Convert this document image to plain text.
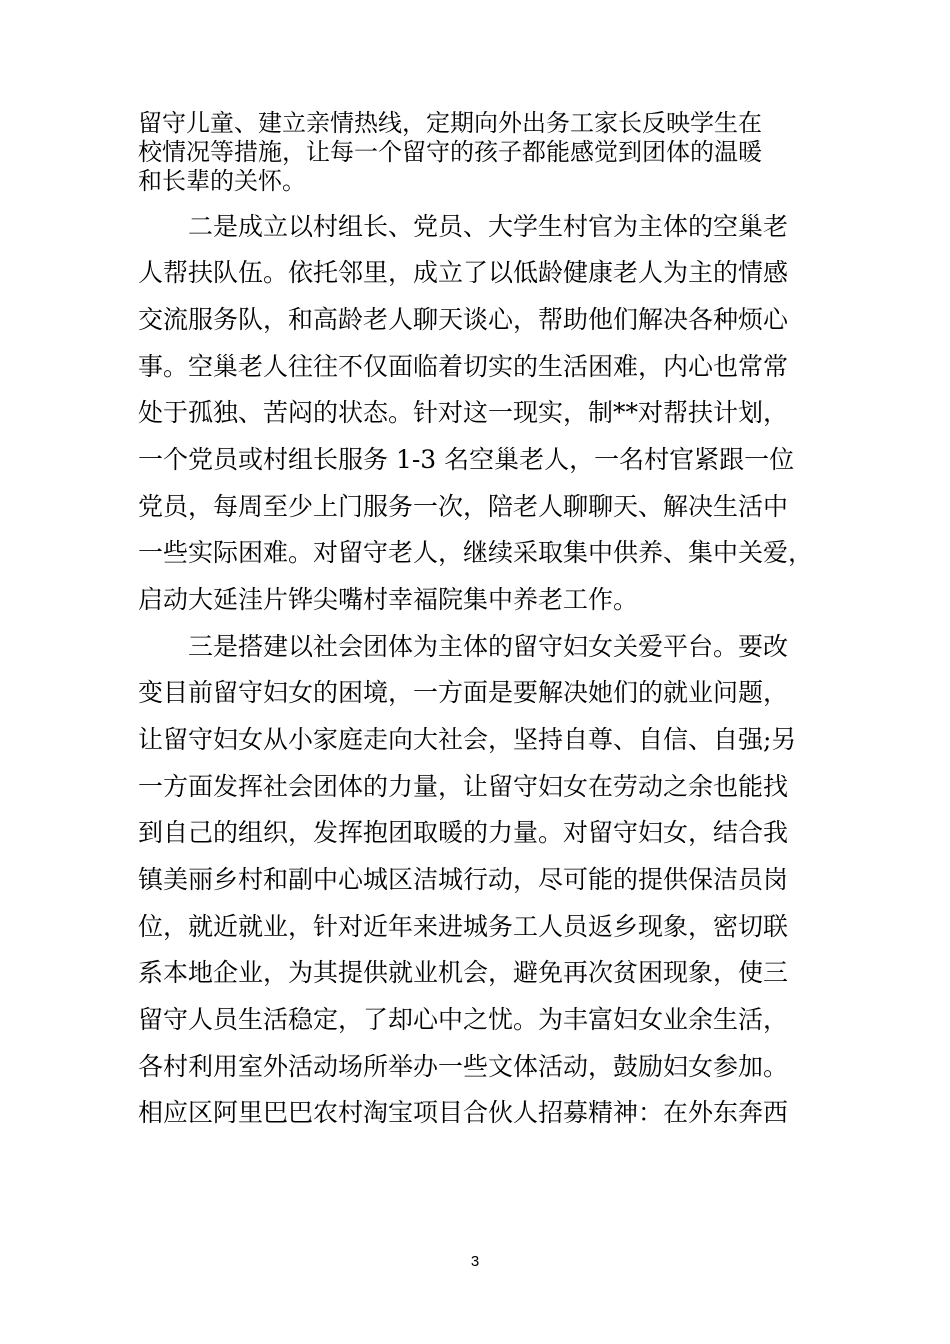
留守儿童、建立亲情热线，定期向外出务工家长反映学生在
校情况等措施，让每一个留守的孩子都能感觉到团体的温暖
和长辈的关怀。
　　二是成立以村组长、党员、大学生村官为主体的空巢老
人帮扶队伍。依托邻里，成立了以低龄健康老人为主的情感
交流服务队，和高龄老人聊天谈心，帮助他们解决各种烦心
事。空巢老人往往不仅面临着切实的生活困难，内心也常常
处于孤独、苦闷的状态。针对这一现实，制**对帮扶计划，
一个党员或村组长服务 1-3 名空巢老人，一名村官紧跟一位
党员，每周至少上门服务一次，陪老人聊聊天、解决生活中
一些实际困难。对留守老人，继续采取集中供养、集中关爱，
启动大延洼片铧尖嘴村幸福院集中养老工作。
　　三是搭建以社会团体为主体的留守妇女关爱平台。要改
变目前留守妇女的困境，一方面是要解决她们的就业问题，
让留守妇女从小家庭走向大社会，坚持自尊、自信、自强;另
一方面发挥社会团体的力量，让留守妇女在劳动之余也能找
到自己的组织，发挥抱团取暖的力量。对留守妇女，结合我
镇美丽乡村和副中心城区洁城行动，尽可能的提供保洁员岗
位，就近就业，针对近年来进城务工人员返乡现象，密切联
系本地企业，为其提供就业机会，避免再次贫困现象，使三
留守人员生活稳定，了却心中之忧。为丰富妇女业余生活，
各村利用室外活动场所举办一些文体活动，鼓励妇女参加。
相应区阿里巴巴农村淘宝项目合伙人招募精神：在外东奔西
3
